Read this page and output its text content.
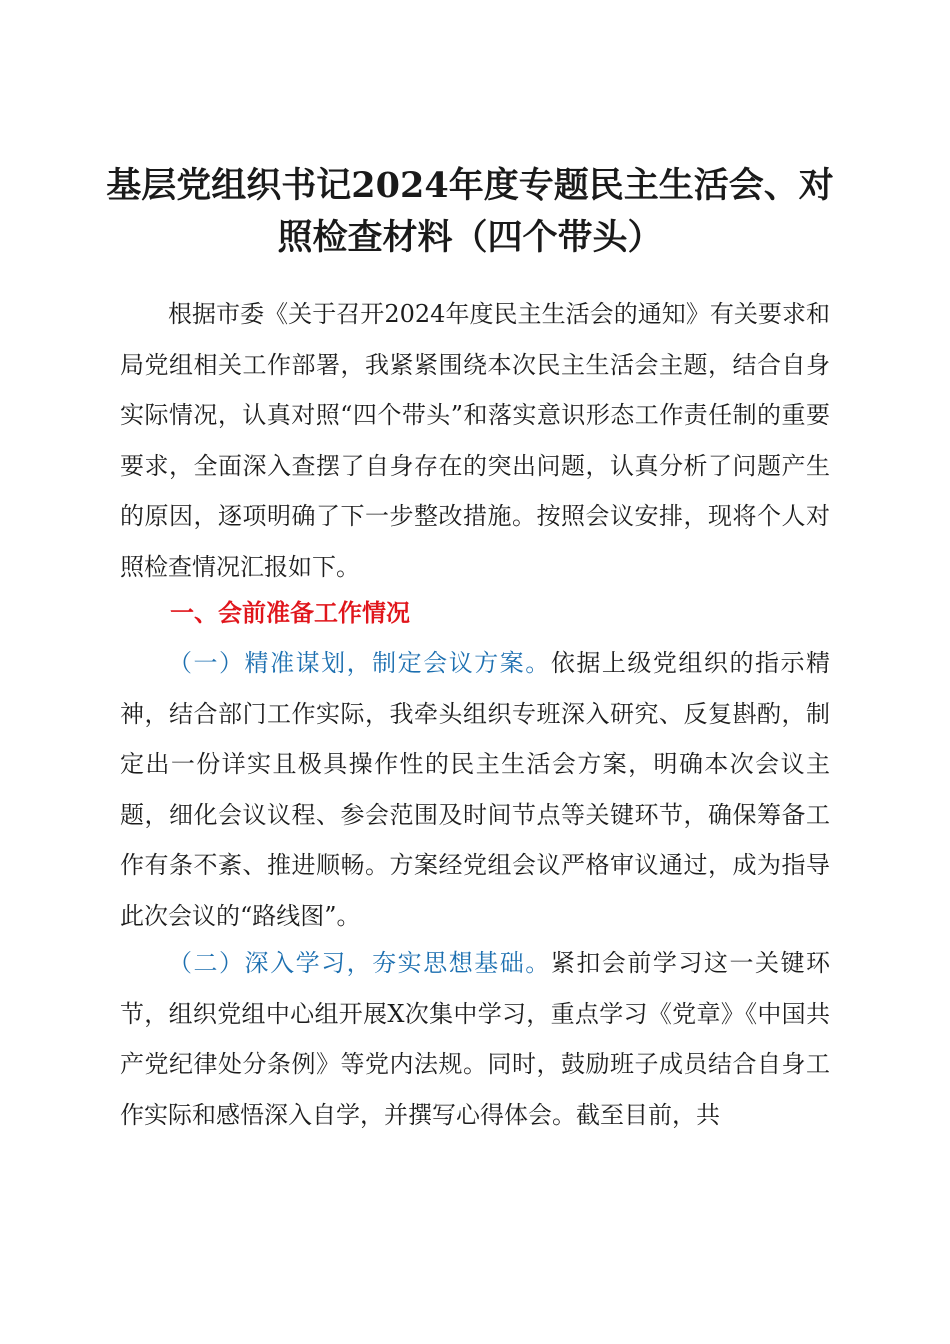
基层党组织书记2024年度专题民主生活会、对照检查材料（四个带头）

根据市委《关于召开2024年度民主生活会的通知》有关要求和局党组相关工作部署，我紧紧围绕本次民主生活会主题，结合自身实际情况，认真对照“四个带头”和落实意识形态工作责任制的重要要求，全面深入查摆了自身存在的突出问题，认真分析了问题产生的原因，逐项明确了下一步整改措施。按照会议安排，现将个人对照检查情况汇报如下。

一、会前准备工作情况

（一）精准谋划，制定会议方案。依据上级党组织的指示精神，结合部门工作实际，我牵头组织专班深入研究、反复斟酌，制定出一份详实且极具操作性的民主生活会方案，明确本次会议主题，细化会议议程、参会范围及时间节点等关键环节，确保筹备工作有条不紊、推进顺畅。方案经党组会议严格审议通过，成为指导此次会议的“路线图”。

（二）深入学习，夯实思想基础。紧扣会前学习这一关键环节，组织党组中心组开展X次集中学习，重点学习《党章》《中国共产党纪律处分条例》等党内法规。同时，鼓励班子成员结合自身工作实际和感悟深入自学，并撰写心得体会。截至目前，共
